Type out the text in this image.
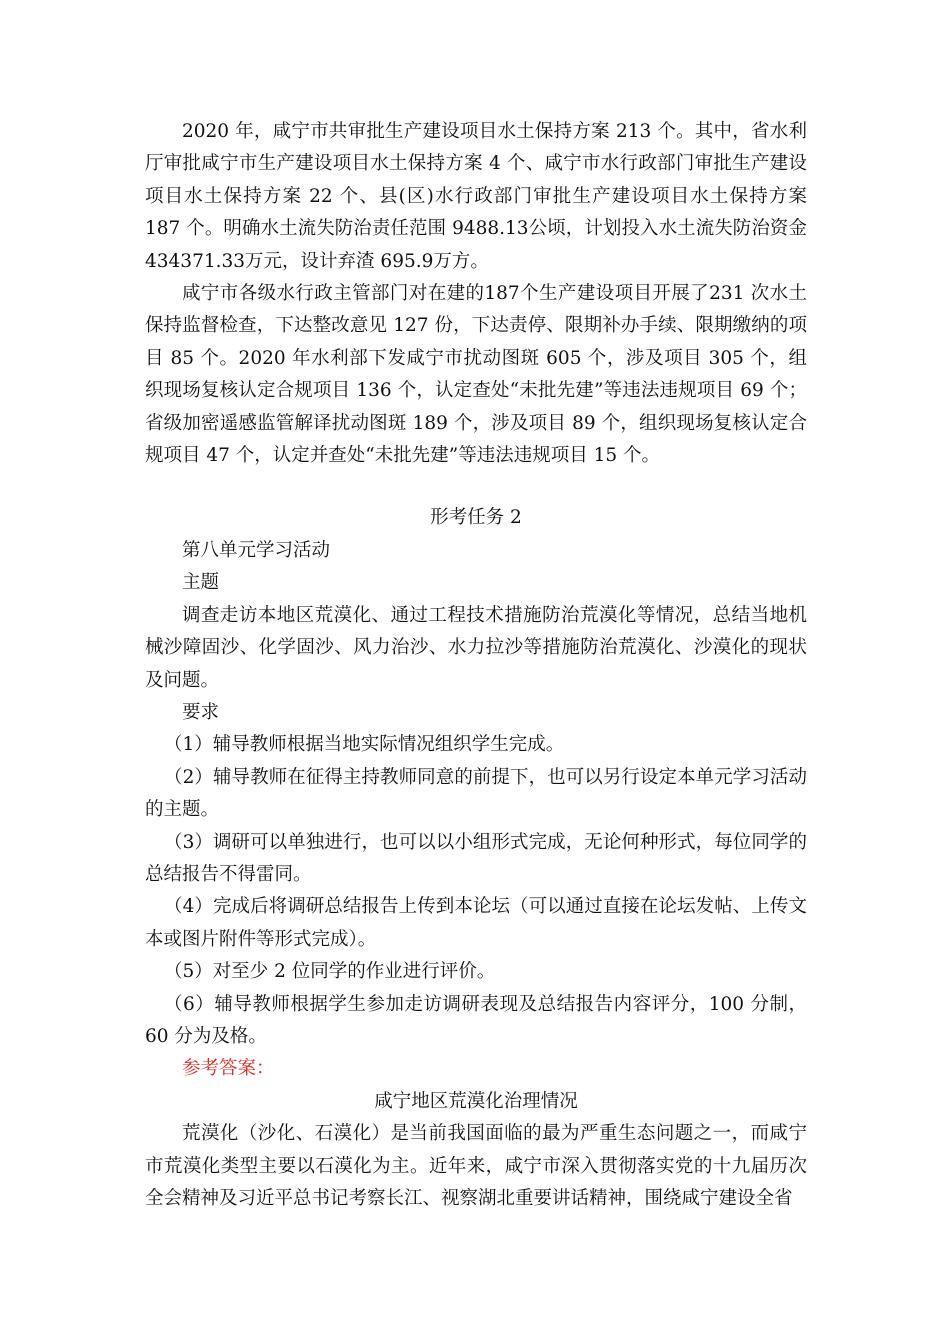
2020 年，咸宁市共审批生产建设项目水土保持方案 213 个。其中，省水利厅审批咸宁市生产建设项目水土保持方案 4 个、咸宁市水行政部门审批生产建设项目水土保持方案 22 个、县(区)水行政部门审批生产建设项目水土保持方案 187 个。明确水土流失防治责任范围 9488.13公顷，计划投入水土流失防治资金 434371.33万元，设计弃渣 695.9万方。

咸宁市各级水行政主管部门对在建的187个生产建设项目开展了231 次水土保持监督检查，下达整改意见 127 份，下达责停、限期补办手续、限期缴纳的项目 85 个。2020 年水利部下发咸宁市扰动图斑 605 个，涉及项目 305 个，组织现场复核认定合规项目 136 个，认定查处“未批先建”等违法违规项目 69 个；省级加密遥感监管解译扰动图斑 189 个，涉及项目 89 个，组织现场复核认定合规项目 47 个，认定并查处“未批先建”等违法违规项目 15 个。

形考任务 2

第八单元学习活动

主题

调查走访本地区荒漠化、通过工程技术措施防治荒漠化等情况，总结当地机械沙障固沙、化学固沙、风力治沙、水力拉沙等措施防治荒漠化、沙漠化的现状及问题。

要求

（1）辅导教师根据当地实际情况组织学生完成。

（2）辅导教师在征得主持教师同意的前提下，也可以另行设定本单元学习活动的主题。

（3）调研可以单独进行，也可以以小组形式完成，无论何种形式，每位同学的总结报告不得雷同。

（4）完成后将调研总结报告上传到本论坛（可以通过直接在论坛发帖、上传文本或图片附件等形式完成）。

（5）对至少 2 位同学的作业进行评价。

（6）辅导教师根据学生参加走访调研表现及总结报告内容评分，100 分制，60 分为及格。

参考答案：

咸宁地区荒漠化治理情况

荒漠化（沙化、石漠化）是当前我国面临的最为严重生态问题之一，而咸宁市荒漠化类型主要以石漠化为主。近年来，咸宁市深入贯彻落实党的十九届历次全会精神及习近平总书记考察长江、视察湖北重要讲话精神，围绕咸宁建设全省
